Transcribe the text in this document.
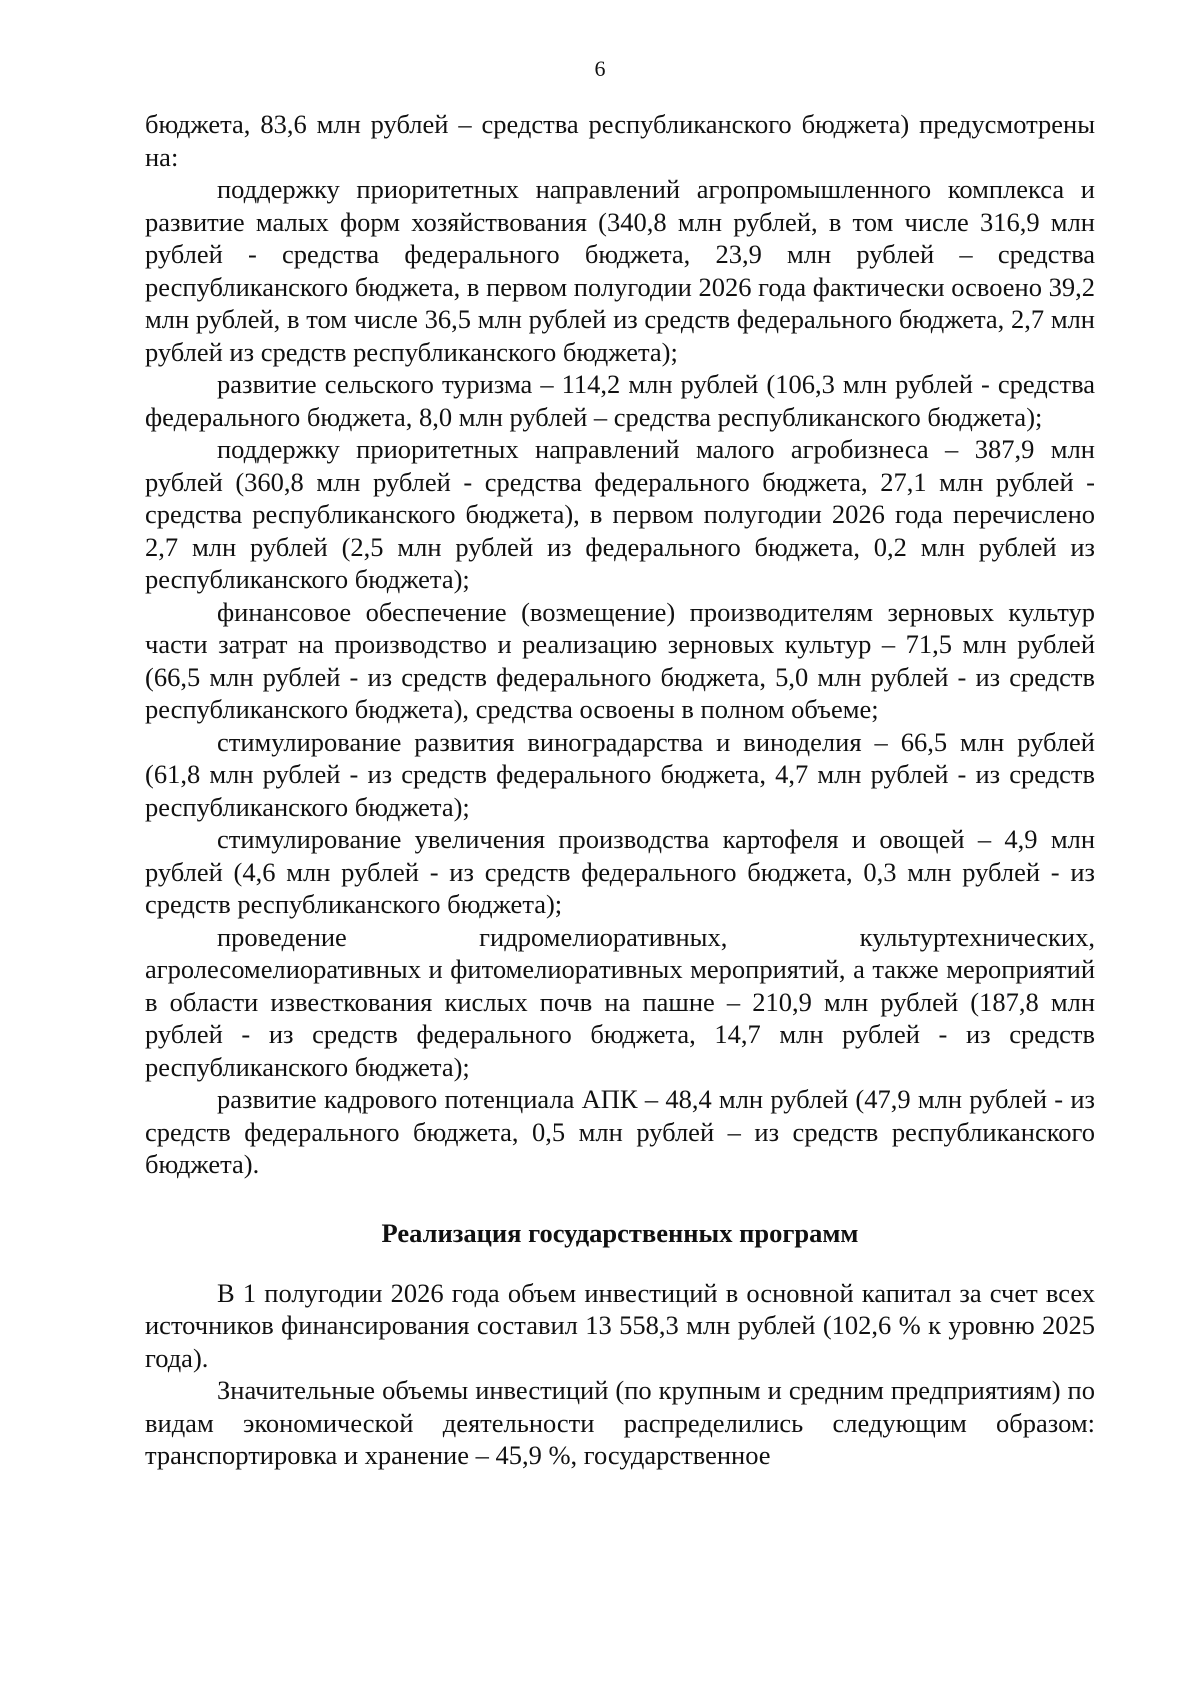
6

бюджета, 83,6 млн рублей – средства республиканского бюджета) предусмотрены на:

поддержку приоритетных направлений агропромышленного комплекса и развитие малых форм хозяйствования (340,8 млн рублей, в том числе 316,9 млн рублей - средства федерального бюджета, 23,9 млн рублей – средства республиканского бюджета, в первом полугодии 2026 года фактически освоено 39,2 млн рублей, в том числе 36,5 млн рублей из средств федерального бюджета, 2,7 млн рублей из средств республиканского бюджета);

развитие сельского туризма – 114,2 млн рублей (106,3 млн рублей - средства федерального бюджета, 8,0 млн рублей – средства республиканского бюджета);

поддержку приоритетных направлений малого агробизнеса – 387,9 млн рублей (360,8 млн рублей - средства федерального бюджета, 27,1 млн рублей - средства республиканского бюджета), в первом полугодии 2026 года перечислено 2,7 млн рублей (2,5 млн рублей из федерального бюджета, 0,2 млн рублей из республиканского бюджета);

финансовое обеспечение (возмещение) производителям зерновых культур части затрат на производство и реализацию зерновых культур – 71,5 млн рублей (66,5 млн рублей - из средств федерального бюджета, 5,0 млн рублей - из средств республиканского бюджета), средства освоены в полном объеме;

стимулирование развития виноградарства и виноделия – 66,5 млн рублей (61,8 млн рублей - из средств федерального бюджета, 4,7 млн рублей - из средств республиканского бюджета);

стимулирование увеличения производства картофеля и овощей – 4,9 млн рублей (4,6 млн рублей - из средств федерального бюджета, 0,3 млн рублей - из средств республиканского бюджета);

проведение гидромелиоративных, культуртехнических, агролесомелиоративных и фитомелиоративных мероприятий, а также мероприятий в области известкования кислых почв на пашне – 210,9 млн рублей (187,8 млн рублей - из средств федерального бюджета, 14,7 млн рублей - из средств республиканского бюджета);

развитие кадрового потенциала АПК – 48,4 млн рублей (47,9 млн рублей - из средств федерального бюджета, 0,5 млн рублей – из средств республиканского бюджета).

Реализация государственных программ

В 1 полугодии 2026 года объем инвестиций в основной капитал за счет всех источников финансирования составил 13 558,3 млн рублей (102,6 % к уровню 2025 года).

Значительные объемы инвестиций (по крупным и средним предприятиям) по видам экономической деятельности распределились следующим образом: транспортировка и хранение – 45,9 %, государственное
